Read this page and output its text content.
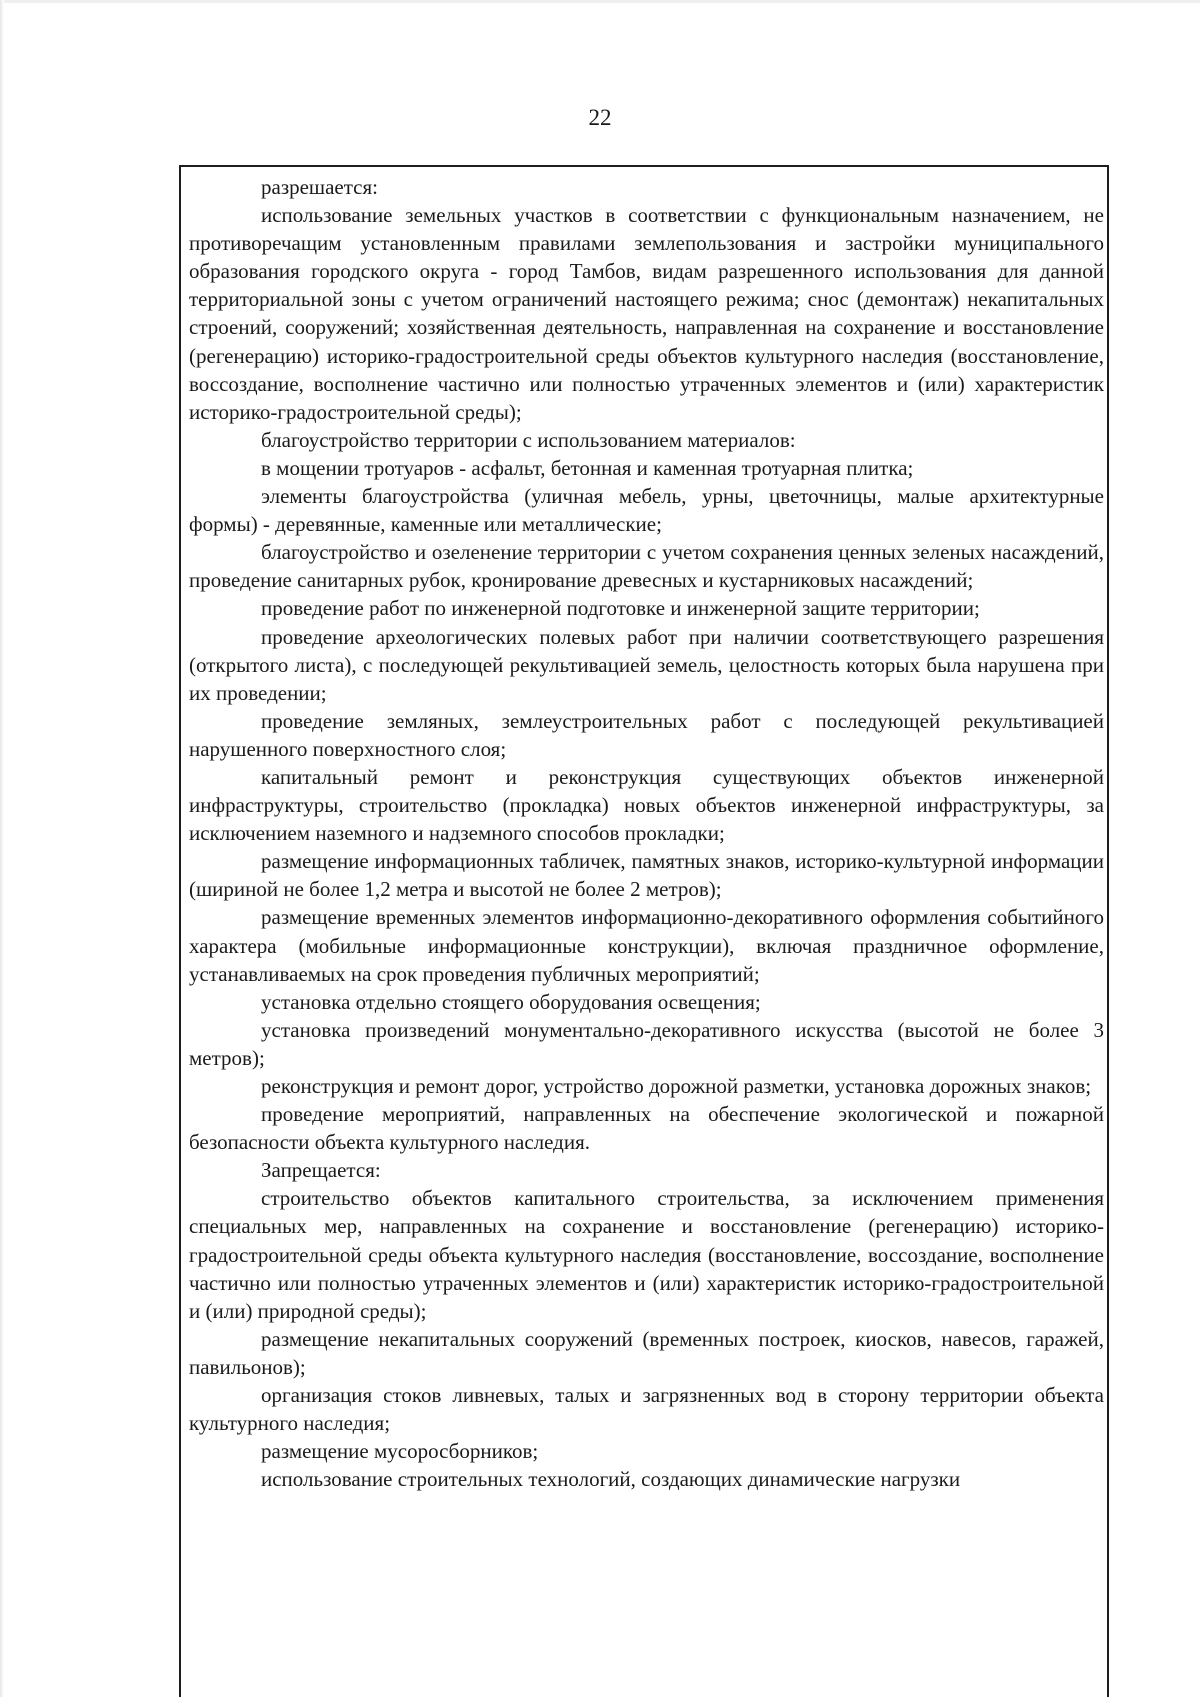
22

разрешается:

использование земельных участков в соответствии с функциональным назначением, не противоречащим установленным правилами землепользования и застройки муниципального образования городского округа - город Тамбов, видам разрешенного использования для данной территориальной зоны с учетом ограничений настоящего режима; снос (демонтаж) некапитальных строений, сооружений; хозяйственная деятельность, направленная на сохранение и восстановление (регенерацию) историко-градостроительной среды объектов культурного наследия (восстановление, воссоздание, восполнение частично или полностью утраченных элементов и (или) характеристик историко-градостроительной среды);

благоустройство территории с использованием материалов:

в мощении тротуаров - асфальт, бетонная и каменная тротуарная плитка;

элементы благоустройства (уличная мебель, урны, цветочницы, малые архитектурные формы) - деревянные, каменные или металлические;

благоустройство и озеленение территории с учетом сохранения ценных зеленых насаждений, проведение санитарных рубок, кронирование древесных и кустарниковых насаждений;

проведение работ по инженерной подготовке и инженерной защите территории;

проведение археологических полевых работ при наличии соответствующего разрешения (открытого листа), с последующей рекультивацией земель, целостность которых была нарушена при их проведении;

проведение земляных, землеустроительных работ с последующей рекультивацией нарушенного поверхностного слоя;

капитальный ремонт и реконструкция существующих объектов инженерной инфраструктуры, строительство (прокладка) новых объектов инженерной инфраструктуры, за исключением наземного и надземного способов прокладки;

размещение информационных табличек, памятных знаков, историко-культурной информации (шириной не более 1,2 метра и высотой не более 2 метров);

размещение временных элементов информационно-декоративного оформления событийного характера (мобильные информационные конструкции), включая праздничное оформление, устанавливаемых на срок проведения публичных мероприятий;

установка отдельно стоящего оборудования освещения;

установка произведений монументально-декоративного искусства (высотой не более 3 метров);

реконструкция и ремонт дорог, устройство дорожной разметки, установка дорожных знаков;

проведение мероприятий, направленных на обеспечение экологической и пожарной безопасности объекта культурного наследия.

Запрещается:

строительство объектов капитального строительства, за исключением применения специальных мер, направленных на сохранение и восстановление (регенерацию) историко-градостроительной среды объекта культурного наследия (восстановление, воссоздание, восполнение частично или полностью утраченных элементов и (или) характеристик историко-градостроительной и (или) природной среды);

размещение некапитальных сооружений (временных построек, киосков, навесов, гаражей, павильонов);

организация стоков ливневых, талых и загрязненных вод в сторону территории объекта культурного наследия;

размещение мусоросборников;

использование строительных технологий, создающих динамические нагрузки
